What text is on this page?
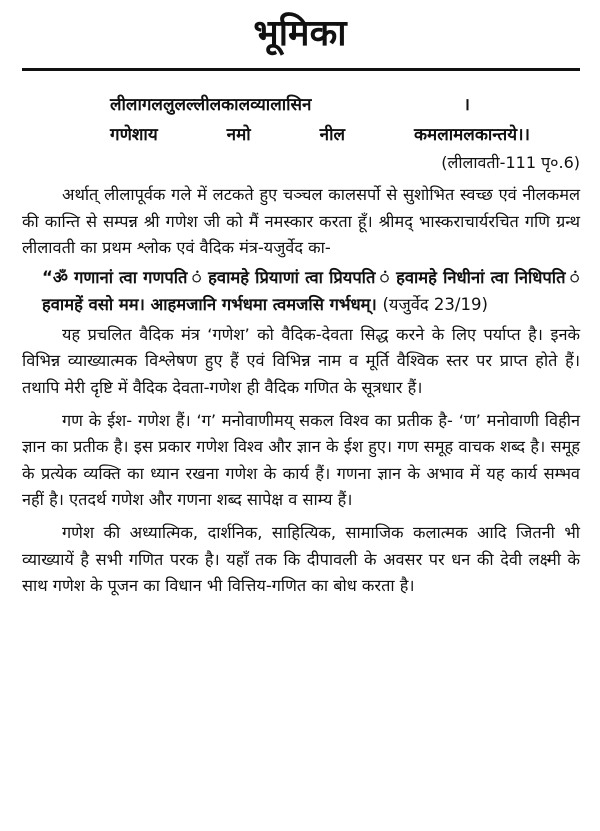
भूमिका
लीलागललुलल्लीलकालव्यालासिन	।
गणेशाय	नमो	नील	कमलामलकान्तये।।
(लीलावती-111 पृ०.6)

अर्थात् लीलापूर्वक गले में लटकते हुए चञ्चल कालसर्पो से सुशोभित स्वच्छ एवं नीलकमल की कान्ति से सम्पन्न श्री गणेश जी को मैं नमस्कार करता हूँ। श्रीमद् भास्कराचार्यरचित गणि ग्रन्थ लीलावती का प्रथम श्लोक एवं वैदिक मंत्र-यजुर्वेद का-

“ॐ गणानां त्वा गणपति ं हवामहे प्रियाणां त्वा प्रियपति ं हवामहे निधीनां त्वा निधिपति ं हवामहें वसो मम। आहमजानि गर्भधमा त्वमजसि गर्भधम्। (यजुर्वेद 23/19)

यह प्रचलित वैदिक मंत्र ‘गणेश’ को वैदिक-देवता सिद्ध करने के लिए पर्याप्त है। इनके विभिन्न व्याख्यात्मक विश्लेषण हुए हैं एवं विभिन्न नाम व मूर्ति वैश्विक स्तर पर प्राप्त होते हैं। तथापि मेरी दृष्टि में वैदिक देवता-गणेश ही वैदिक गणित के सूत्रधार हैं।

गण के ईश- गणेश हैं। ‘ग’ मनोवाणीमय् सकल विश्व का प्रतीक है- ‘ण’ मनोवाणी विहीन ज्ञान का प्रतीक है। इस प्रकार गणेश विश्व और ज्ञान के ईश हुए। गण समूह वाचक शब्द है। समूह के प्रत्येक व्यक्ति का ध्यान रखना गणेश के कार्य हैं। गणना ज्ञान के अभाव में यह कार्य सम्भव नहीं है। एतदर्थ गणेश और गणना शब्द सापेक्ष व साम्य हैं।

गणेश की अध्यात्मिक, दार्शनिक, साहित्यिक, सामाजिक कलात्मक आदि जितनी भी व्याख्यायें है सभी गणित परक है। यहाँ तक कि दीपावली के अवसर पर धन की देवी लक्ष्मी के साथ गणेश के पूजन का विधान भी वित्तिय-गणित का बोध करता है।
